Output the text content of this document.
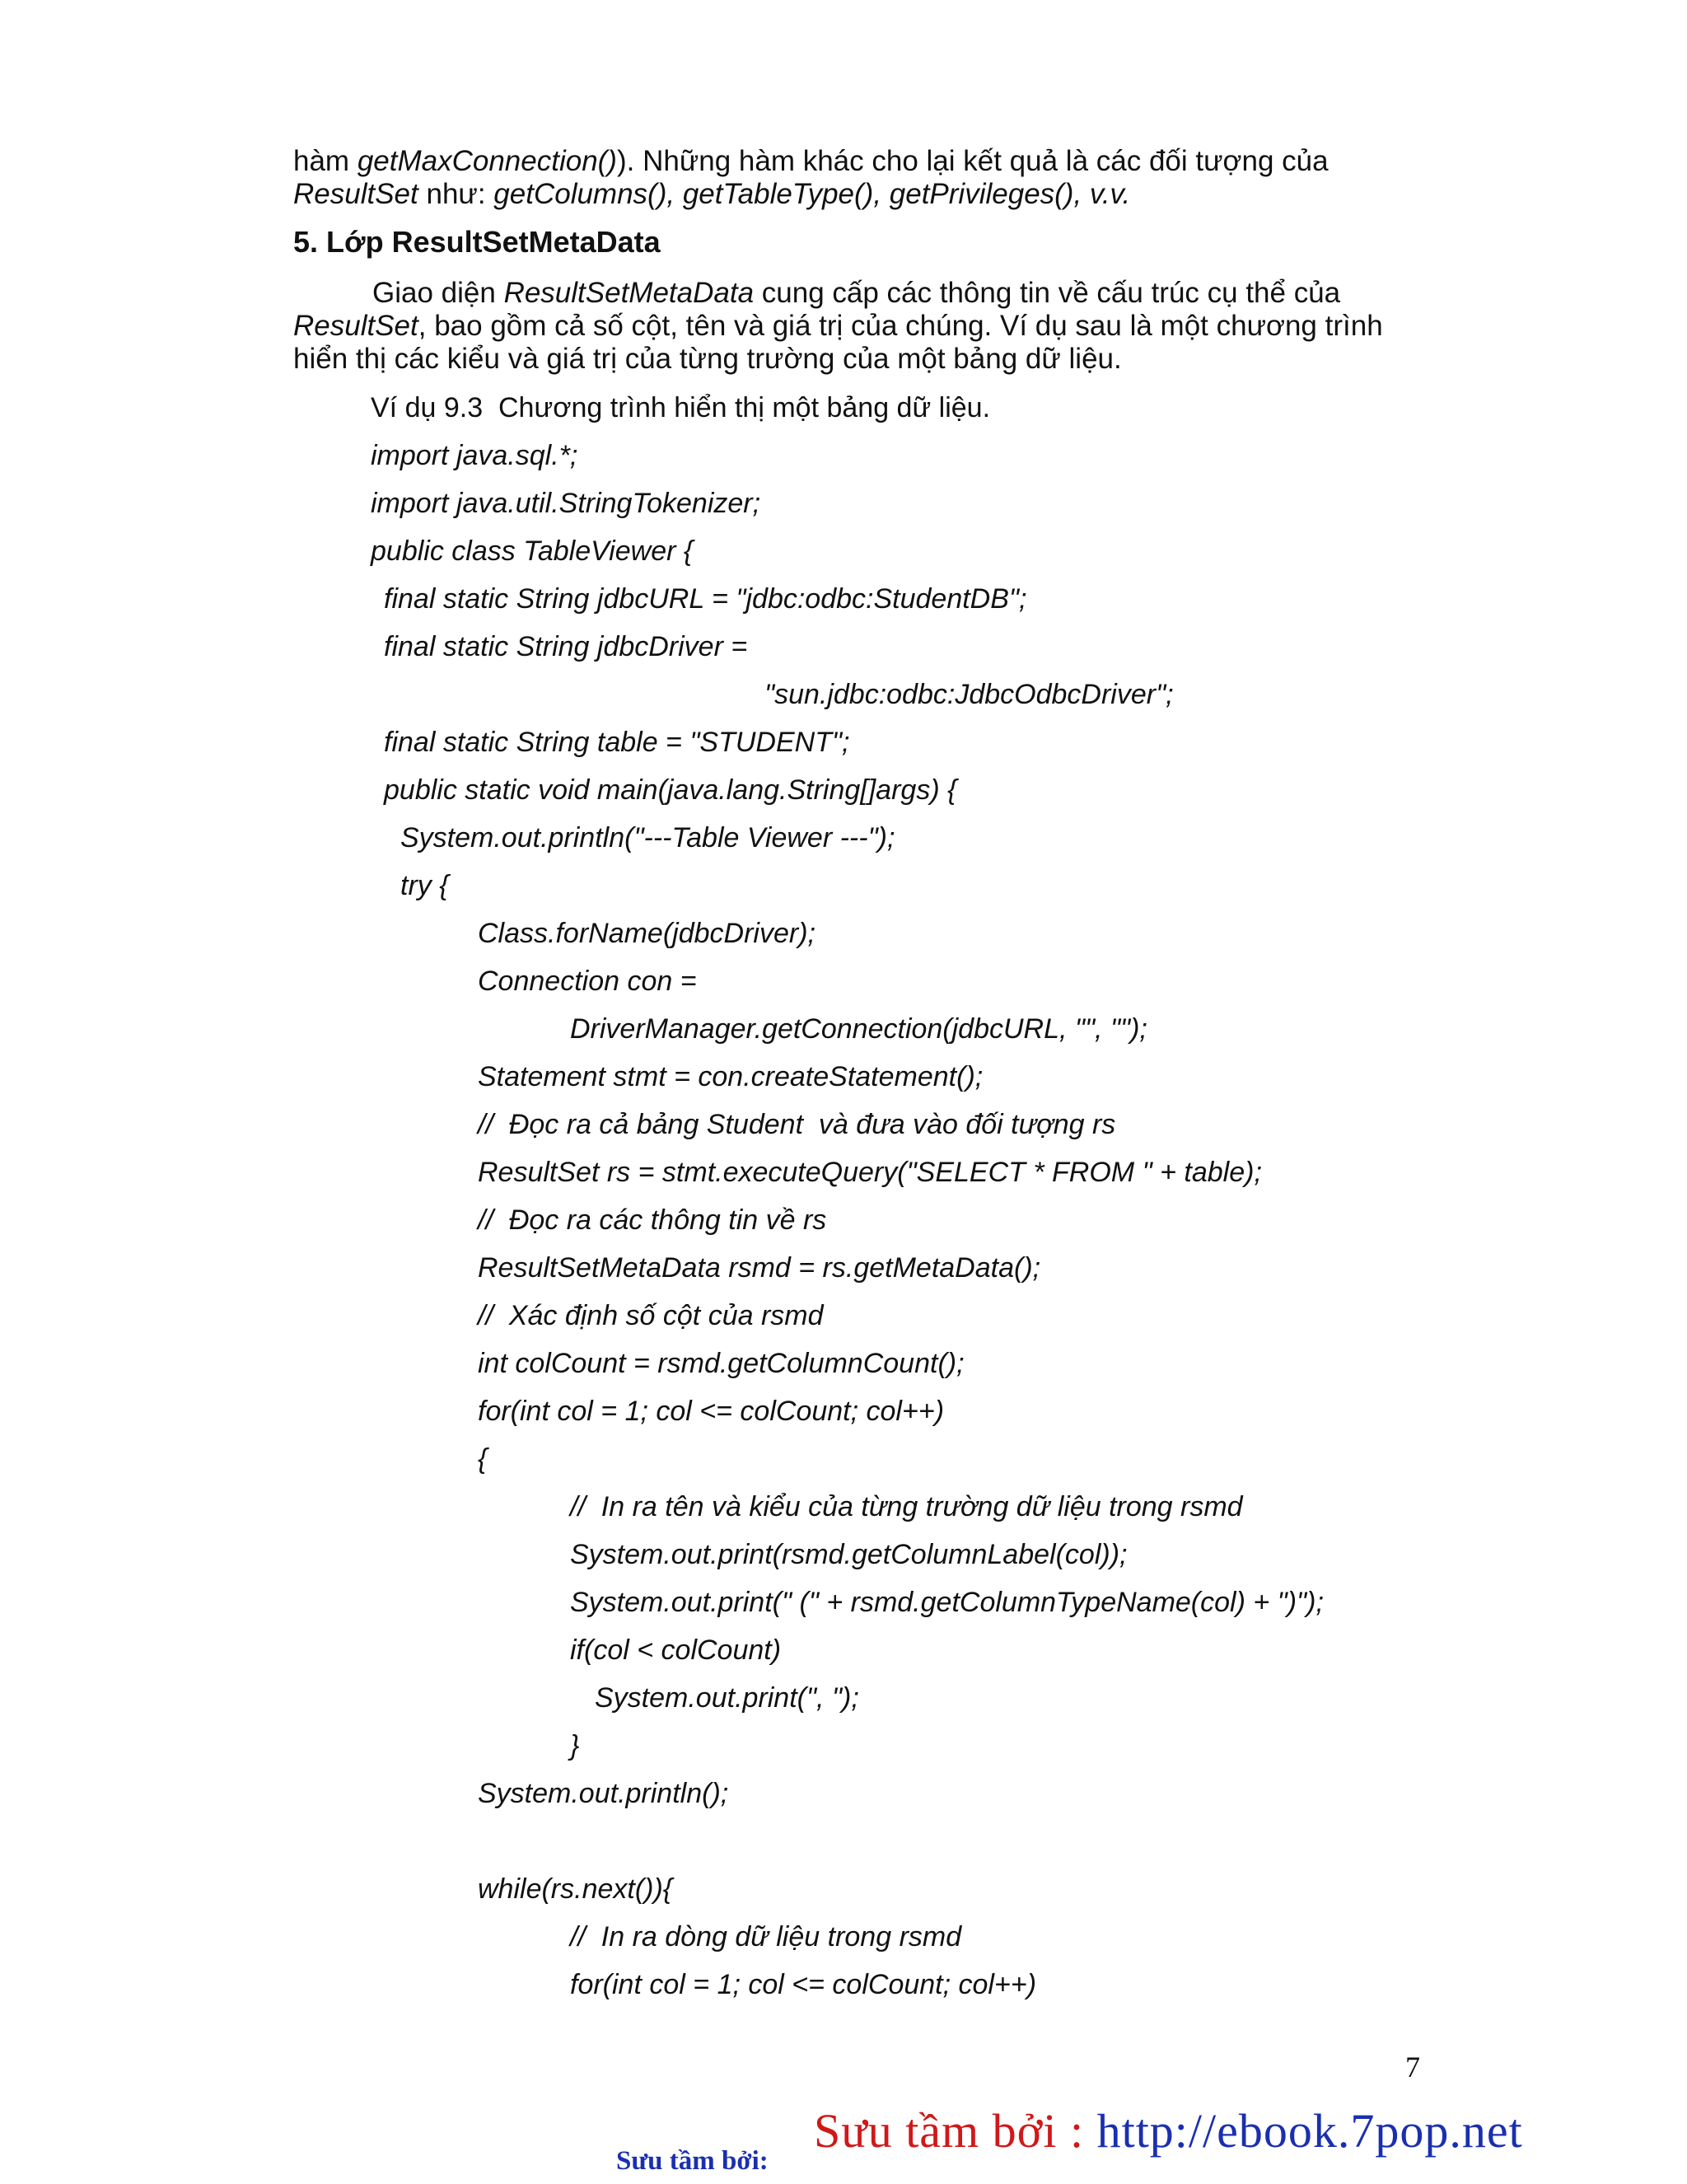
hàm getMaxConnection()). Những hàm khác cho lại kết quả là các đối tượng của
ResultSet như: getColumns(), getTableType(), getPrivileges(), v.v.
5. Lớp ResultSetMetaData
Giao diện ResultSetMetaData cung cấp các thông tin về cấu trúc cụ thể của
ResultSet, bao gồm cả số cột, tên và giá trị của chúng. Ví dụ sau là một chương trình
hiển thị các kiểu và giá trị của từng trường của một bảng dữ liệu.
Ví dụ 9.3  Chương trình hiển thị một bảng dữ liệu.
import java.sql.*;
import java.util.StringTokenizer;
public class TableViewer {
final static String jdbcURL = "jdbc:odbc:StudentDB";
final static String jdbcDriver =
"sun.jdbc:odbc:JdbcOdbcDriver";
final static String table = "STUDENT";
public static void main(java.lang.String[]args) {
System.out.println("---Table Viewer ---");
try {
Class.forName(jdbcDriver);
Connection con =
DriverManager.getConnection(jdbcURL, "", "");
Statement stmt = con.createStatement();
//  Đọc ra cả bảng Student  và đưa vào đối tượng rs
ResultSet rs = stmt.executeQuery("SELECT * FROM " + table);
//  Đọc ra các thông tin về rs
ResultSetMetaData rsmd = rs.getMetaData();
//  Xác định số cột của rsmd
int colCount = rsmd.getColumnCount();
for(int col = 1; col <= colCount; col++)
{
//  In ra tên và kiểu của từng trường dữ liệu trong rsmd
System.out.print(rsmd.getColumnLabel(col));
System.out.print(" (" + rsmd.getColumnTypeName(col) + ")");
if(col < colCount)
System.out.print(", ");
}
System.out.println();
while(rs.next()){
//  In ra dòng dữ liệu trong rsmd
for(int col = 1; col <= colCount; col++)
7
Sưu tầm bởi : http://ebook.7pop.net
Sưu tầm bởi:
